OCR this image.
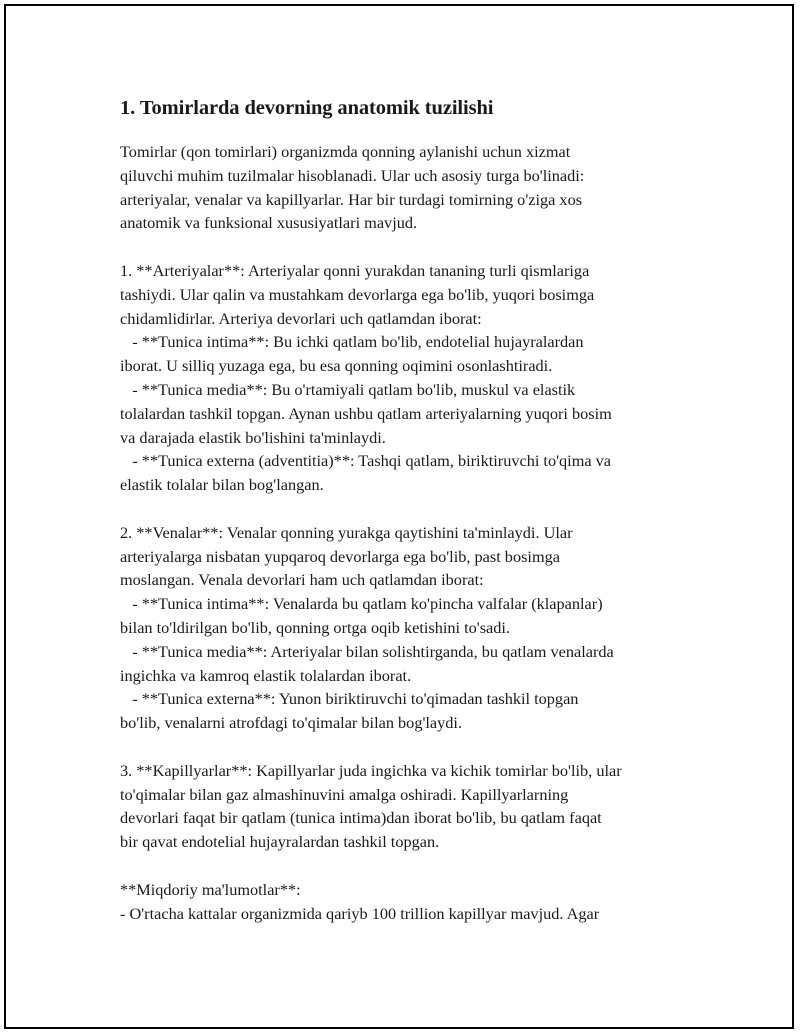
1. Tomirlarda devorning anatomik tuzilishi
Tomirlar (qon tomirlari) organizmda qonning aylanishi uchun xizmat
qiluvchi muhim tuzilmalar hisoblanadi. Ular uch asosiy turga bo'linadi:
arteriyalar, venalar va kapillyarlar. Har bir turdagi tomirning o'ziga xos
anatomik va funksional xususiyatlari mavjud.
1. **Arteriyalar**: Arteriyalar qonni yurakdan tananing turli qismlariga
tashiydi. Ular qalin va mustahkam devorlarga ega bo'lib, yuqori bosimga
chidamlidirlar. Arteriya devorlari uch qatlamdan iborat:
- **Tunica intima**: Bu ichki qatlam bo'lib, endotelial hujayralardan
iborat. U silliq yuzaga ega, bu esa qonning oqimini osonlashtiradi.
- **Tunica media**: Bu o'rtamiyali qatlam bo'lib, muskul va elastik
tolalardan tashkil topgan. Aynan ushbu qatlam arteriyalarning yuqori bosim
va darajada elastik bo'lishini ta'minlaydi.
- **Tunica externa (adventitia)**: Tashqi qatlam, biriktiruvchi to'qima va
elastik tolalar bilan bog'langan.
2. **Venalar**: Venalar qonning yurakga qaytishini ta'minlaydi. Ular
arteriyalarga nisbatan yupqaroq devorlarga ega bo'lib, past bosimga
moslangan. Venala devorlari ham uch qatlamdan iborat:
- **Tunica intima**: Venalarda bu qatlam ko'pincha valfalar (klapanlar)
bilan to'ldirilgan bo'lib, qonning ortga oqib ketishini to'sadi.
- **Tunica media**: Arteriyalar bilan solishtirganda, bu qatlam venalarda
ingichka va kamroq elastik tolalardan iborat.
- **Tunica externa**: Yunon biriktiruvchi to'qimadan tashkil topgan
bo'lib, venalarni atrofdagi to'qimalar bilan bog'laydi.
3. **Kapillyarlar**: Kapillyarlar juda ingichka va kichik tomirlar bo'lib, ular
to'qimalar bilan gaz almashinuvini amalga oshiradi. Kapillyarlarning
devorlari faqat bir qatlam (tunica intima)dan iborat bo'lib, bu qatlam faqat
bir qavat endotelial hujayralardan tashkil topgan.
**Miqdoriy ma'lumotlar**:
- O'rtacha kattalar organizmida qariyb 100 trillion kapillyar mavjud. Agar
